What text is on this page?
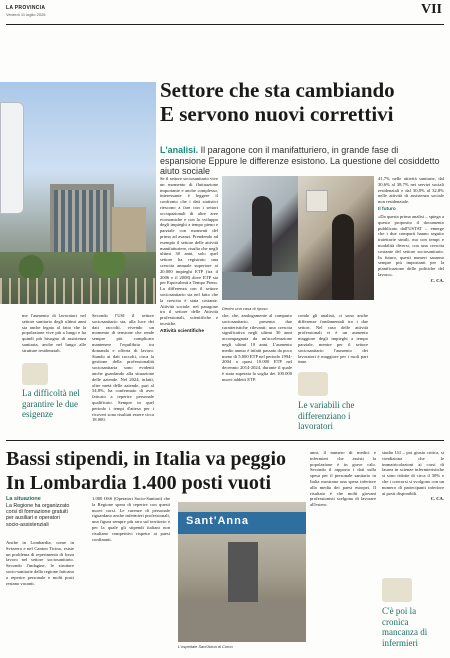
LA PROVINCIA
Venerdì 11 luglio 2025	VII
Settore che sta cambiando
E servono nuovi correttivi
L'analisi. Il paragone con il manifatturiero, in grande fase di espansione Eppure le differenze esistono. La questione del cosiddetto aiuto sociale

me l'aumento di lavoratori nel settore sanitario degli ultimi anni sia anche legato al fatto che la popolazione vive più a lungo e ha quindi più bisogno di assistenza sanitaria, anche nel lungo alle strutture residenziali.

La difficoltà nel garantire le due esigenze

Secondo l'USI il settore sociosanitario sta, alla luce dei dati raccolti, vivendo un momento di tensione che rende sempre più complicato mantenere l'equilibrio tra domanda e offerta di lavoro. Stando ai dati raccolti, circa la gestione della professionalità sociosanitaria sono evidenti anche guardando alla situazione delle aziende. Nel 2024, infatti, oltre metà delle aziende, pari al 54,8%, ha confermato di aver faticato a reperire personale qualificato. Sempre in quel periodo i tempi d'attesa per i ricoveri sono risultati essere circa 18.000.

Se il settore sociosanitario vive un momento di fluttuazione importante e anche complesso, interessante è leggere il confronto che i dati statistici riescono a fare con i settori occupazionali di altre aree economiche e con lo sviluppo degli impieghi a tempo pieno e parziale con momenti del primo ad avanzi. Prendendo ad esempio il settore delle attività manifatturiere, risulta che negli ultimi 30 anni, solo quel settore ha registrato una crescita annuale superiore ai 20.000 impieghi ETP (tra il 2006 e il 2008) dove ETP sta per Equivalenti a Tempo Pieno. La differenza con il settore sociosanitario sta nel fatto che la crescita è stata costante. Attività sociale: nel paragone tra il settore delle Attività professionali, scientifiche e tecniche.

Attività scientifiche
Dentro una casa di riposo

che, che, analogamente al comparto sociosanitario, presenta due caratteristiche rilevanti: una crescita significativa negli ultimi 30 anni accompagnata da un'accelerazione negli ultimi 10 anni. L'aumento medio annuo è infatti passato da poco meno di 5.000 ETP nel periodo 1994-2004 a quasi 10.000 ETP nel decennio 2014-2024, durante il quale è stata superata la soglia dei 100.000 nuovi addetti ETP.

condo gli analisti, ci sono anche differenze fondamentali tra i due settori. Nel caso delle attività professionali vi è un aumento maggiore degli impieghi a tempo parziale, mentre per il settore sociosanitario l'aumento dei lavoratori è maggiore per i ruoli part time.

Le variabili che differenziano i lavoratori

41,7% nelle attività sanitarie, dal 30,6% al 38,7% nei servizi sociali residenziali e dal 30,8% al 32,8% nelle attività di assistenza sociale non residenziale.

Il futuro

«Da questa prima analisi – spiega a questo proposito il documento pubblicato dall'USTAT – emerge che i due comparti hanno seguito traiettorie simili, ma con tempi e modalità diversi, con una crescita costante del settore sociosanitario. In futuro, questi numeri saranno sempre più importanti per la pianificazione delle politiche del lavoro».

C. CA.
Bassi stipendi, in Italia va peggio
In Lombardia 1.400 posti vuoti
La situazione
La Regione ha organizzato corsi di formazione gratuiti per ausiliari e operatori socio-assistenziali

Anche in Lombardia, come in Svizzera e nel Canton Ticino, esiste un problema di reperimento di forza lavoro nel settore sociosanitario. Secondo l'indagine, le strutture socio-sanitarie della regione faticano a reperire personale e molti posti restano vacanti.

1.000 OSS (Operatori Socio-Sanitari) che la Regione spera di reperire con questi nuovi corsi. Le carenze di personale riguardano anche infermieri professionali, una figura sempre più rara sul territorio e per la quale gli stipendi italiani non risultano competitivi rispetto ai paesi confinanti.

Sant'Anna
L'ospedale Sant'Anna di Como

anni, il numero di medici e infermieri che assisti la popolazione è in grave calo. Secondo il rapporto i dati sulla spesa per il personale sanitario in Italia mostrano una spesa inferiore alla media dei paesi europei. Il risultato è che molti giovani professionisti scelgono di lavorare all'estero.

studio Uil – poi giusta critica, si condiziona che le immatricolazioni ai corsi di laurea in scienze infermieristiche si sono ridotte di circa il 30% e che i concorsi si svolgono con un numero di partecipanti inferiore ai posti disponibili.

C. CA.
C'è poi la cronica mancanza di infermieri
